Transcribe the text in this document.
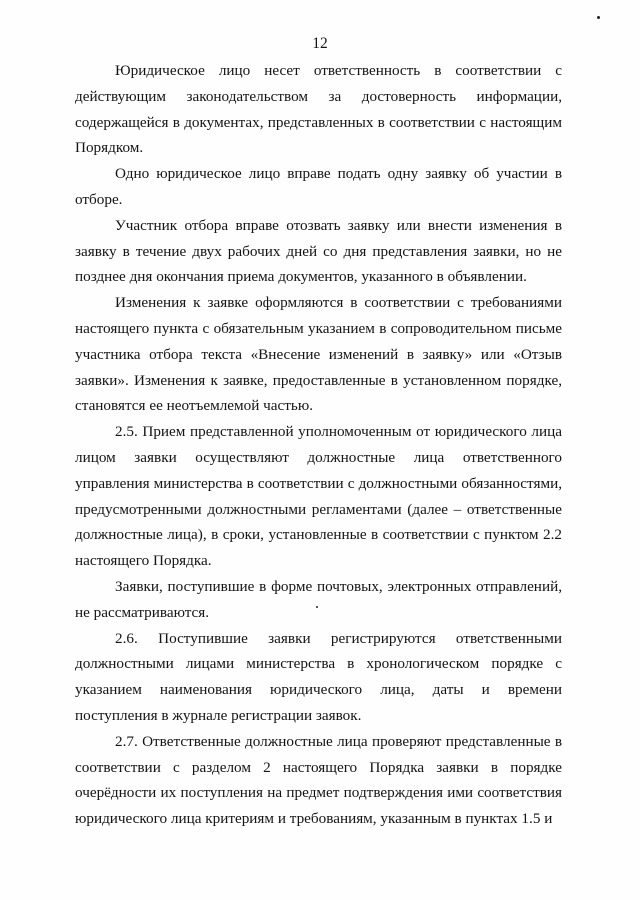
12

Юридическое лицо несет ответственность в соответствии с действующим законодательством за достоверность информации, содержащейся в документах, представленных в соответствии с настоящим Порядком.

Одно юридическое лицо вправе подать одну заявку об участии в отборе.

Участник отбора вправе отозвать заявку или внести изменения в заявку в течение двух рабочих дней со дня представления заявки, но не позднее дня окончания приема документов, указанного в объявлении.

Изменения к заявке оформляются в соответствии с требованиями настоящего пункта с обязательным указанием в сопроводительном письме участника отбора текста «Внесение изменений в заявку» или «Отзыв заявки». Изменения к заявке, предоставленные в установленном порядке, становятся ее неотъемлемой частью.

2.5. Прием представленной уполномоченным от юридического лица лицом заявки осуществляют должностные лица ответственного управления министерства в соответствии с должностными обязанностями, предусмотренными должностными регламентами (далее – ответственные должностные лица), в сроки, установленные в соответствии с пунктом 2.2 настоящего Порядка.

Заявки, поступившие в форме почтовых, электронных отправлений, не рассматриваются.

2.6. Поступившие заявки регистрируются ответственными должностными лицами министерства в хронологическом порядке с указанием наименования юридического лица, даты и времени поступления в журнале регистрации заявок.

2.7. Ответственные должностные лица проверяют представленные в соответствии с разделом 2 настоящего Порядка заявки в порядке очерёдности их поступления на предмет подтверждения ими соответствия юридического лица критериям и требованиям, указанным в пунктах 1.5 и
